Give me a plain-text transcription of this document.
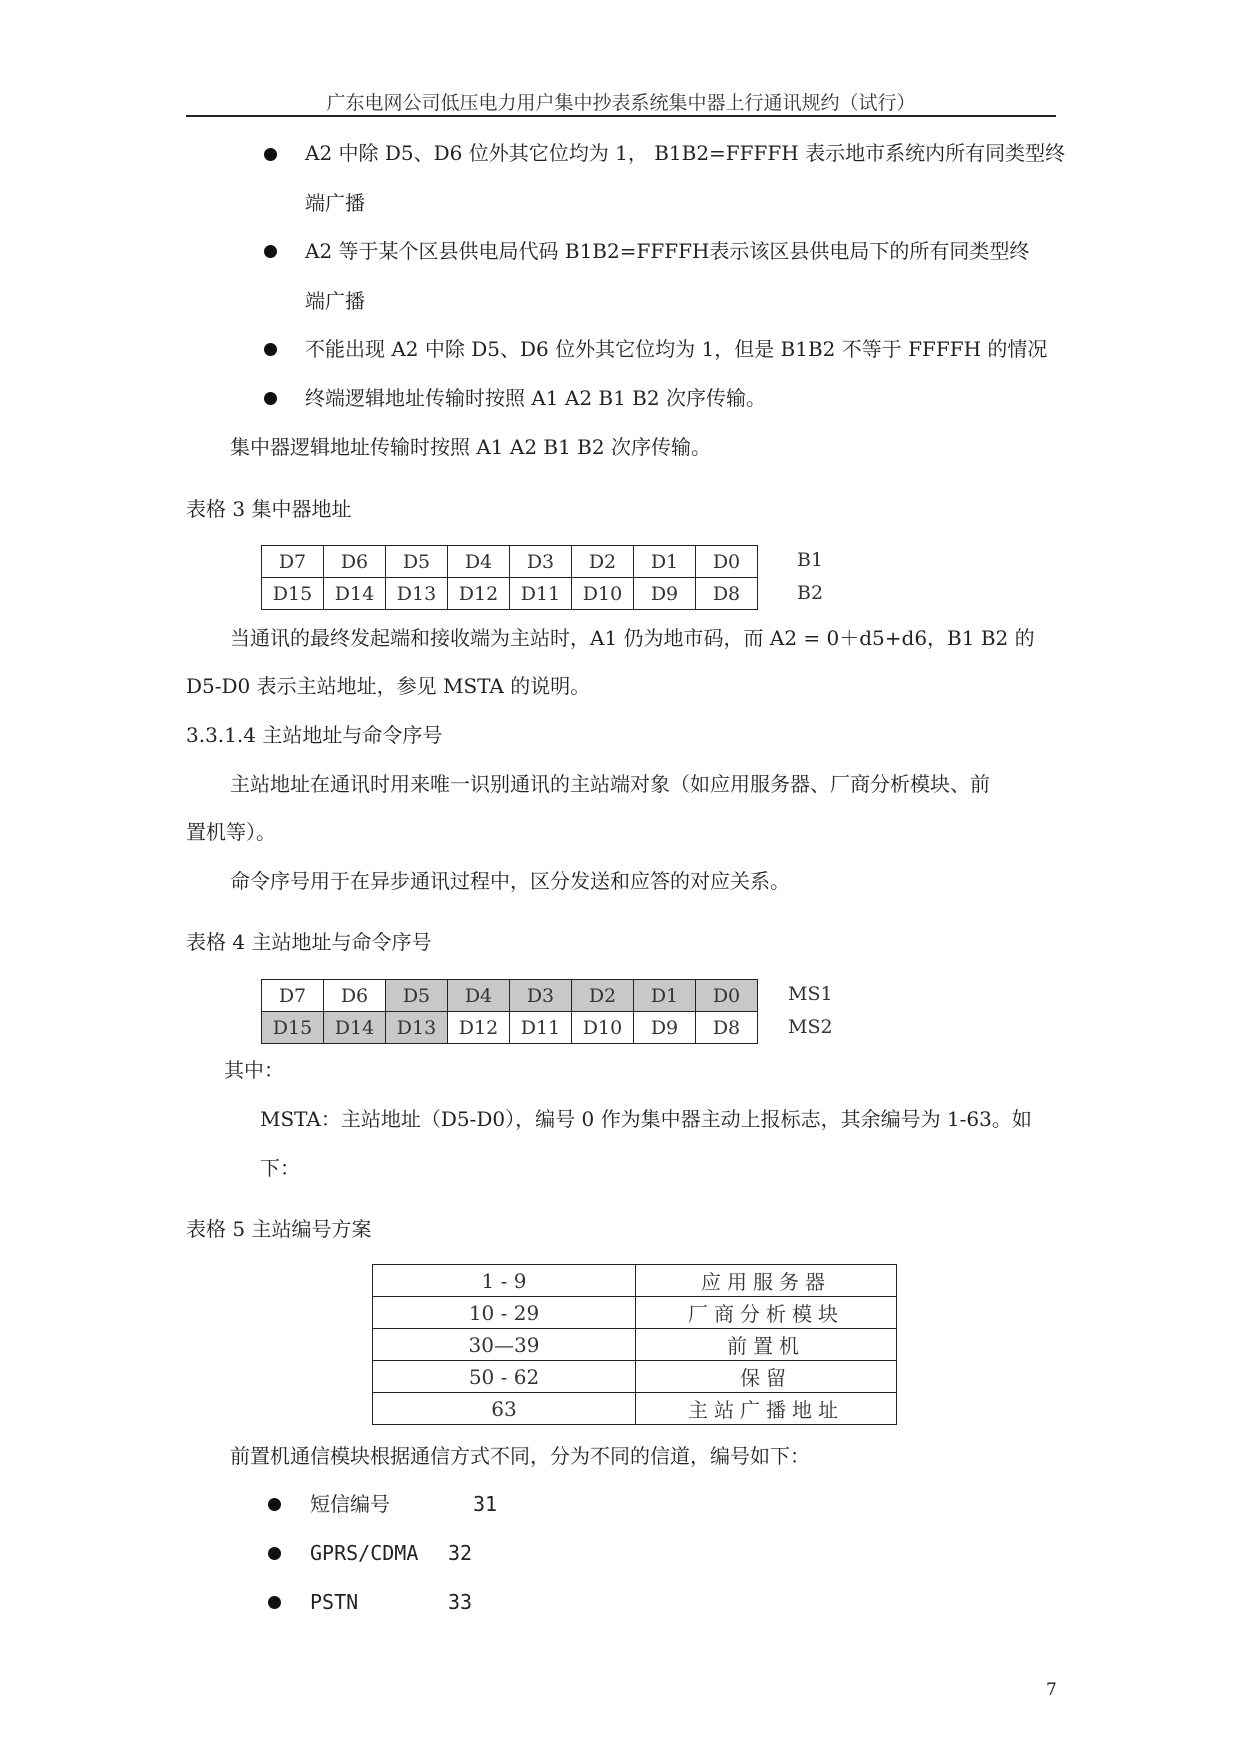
广东电网公司低压电力用户集中抄表系统集中器上行通讯规约（试行）
A2 中除 D5、D6 位外其它位均为 1， B1B2=FFFFH 表示地市系统内所有同类型终
端广播
A2 等于某个区县供电局代码 B1B2=FFFFH表示该区县供电局下的所有同类型终
端广播
不能出现 A2 中除 D5、D6 位外其它位均为 1，但是 B1B2 不等于 FFFFH 的情况
终端逻辑地址传输时按照 A1 A2 B1 B2 次序传输。
集中器逻辑地址传输时按照 A1 A2 B1 B2 次序传输。
表格 3 集中器地址
D7	D6	D5	D4	D3	D2	D1	D0
D15	D14	D13	D12	D11	D10	D9	D8
B1
B2
当通讯的最终发起端和接收端为主站时，A1 仍为地市码，而 A2 = 0＋d5+d6，B1 B2 的
D5-D0 表示主站地址，参见 MSTA 的说明。
3.3.1.4 主站地址与命令序号
主站地址在通讯时用来唯一识别通讯的主站端对象（如应用服务器、厂商分析模块、前
置机等）。
命令序号用于在异步通讯过程中，区分发送和应答的对应关系。
表格 4 主站地址与命令序号
D7	D6	D5	D4	D3	D2	D1	D0
D15	D14	D13	D12	D11	D10	D9	D8
MS1
MS2
其中：
MSTA：主站地址（D5-D0），编号 0 作为集中器主动上报标志，其余编号为 1-63。如
下：
表格 5 主站编号方案
1 - 9	应用服务器
10 - 29	厂商分析模块
30—39	前置机
50 - 62	保留
63	主站广播地址
前置机通信模块根据通信方式不同，分为不同的信道，编号如下：
短信编号	31
GPRS/CDMA 32
PSTN	33
7
